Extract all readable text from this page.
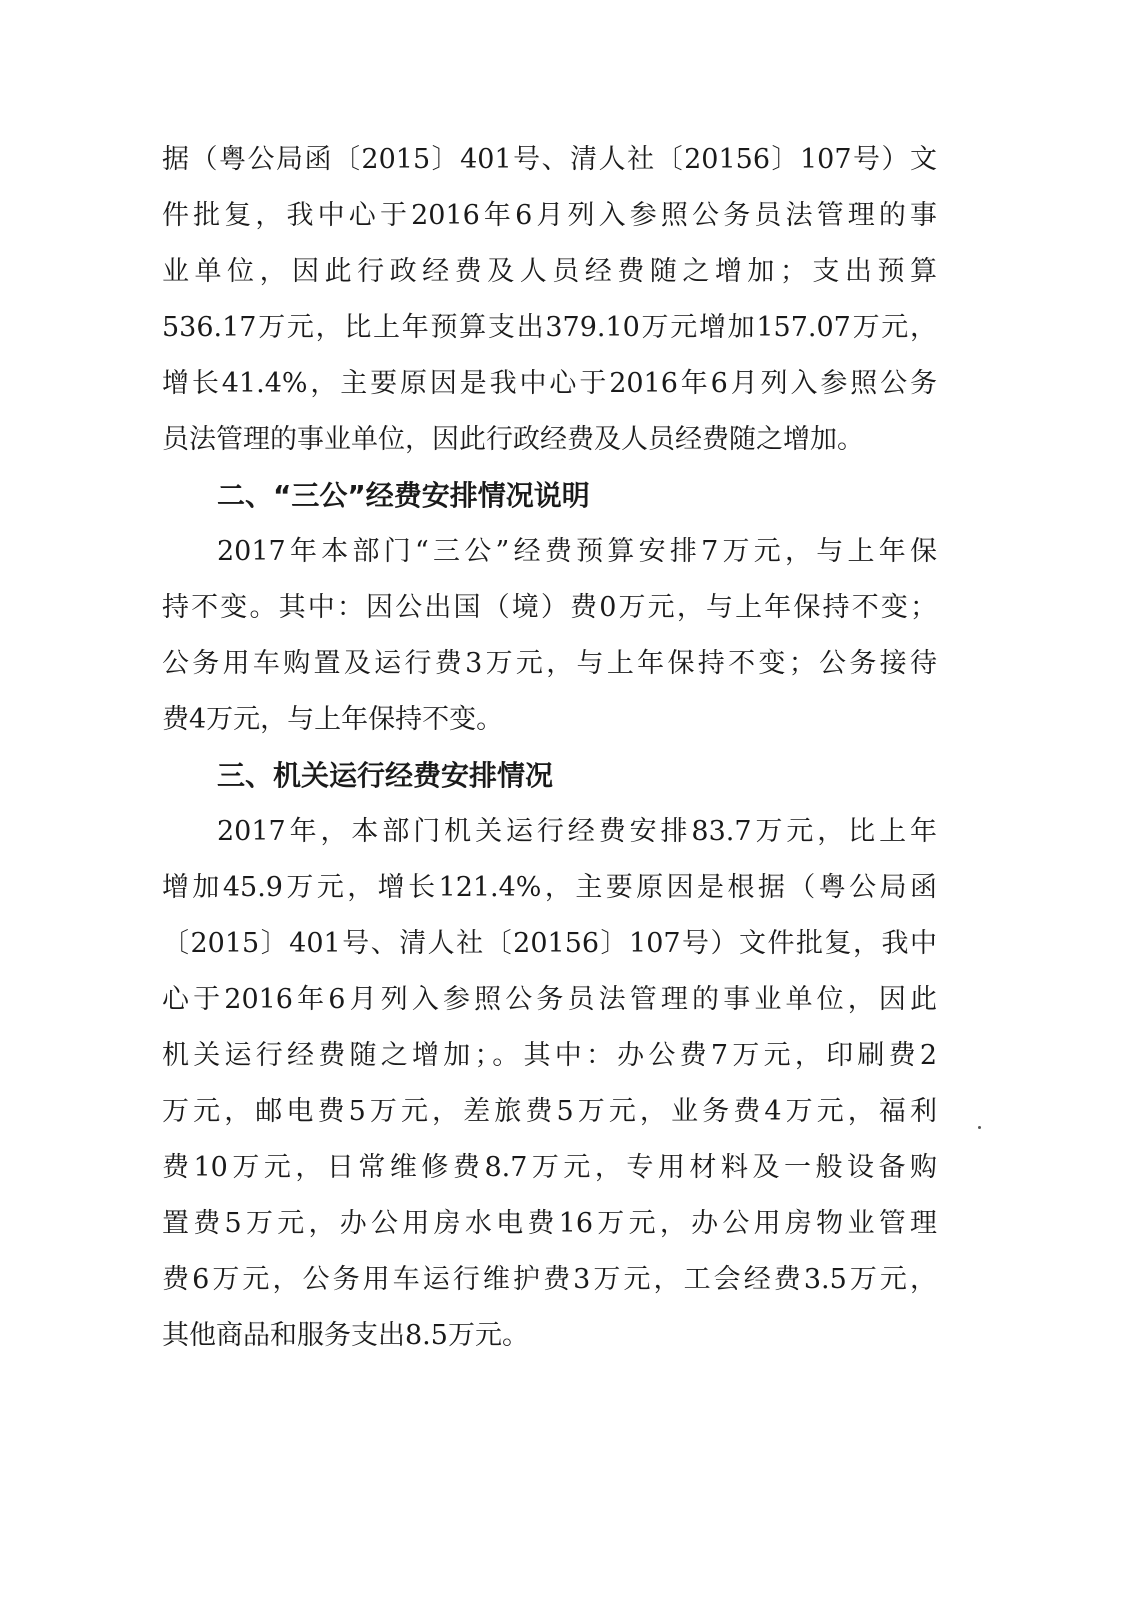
据（粤公局函〔2015〕401号、清人社〔20156〕107号）文
件批复，我中心于2016年6月列入参照公务员法管理的事
业单位，因此行政经费及人员经费随之增加；支出预算
536.17万元，比上年预算支出379.10万元增加157.07万元，
增长41.4%，主要原因是我中心于2016年6月列入参照公务
员法管理的事业单位，因此行政经费及人员经费随之增加。
二、“三公”经费安排情况说明
2017年本部门“三公”经费预算安排7万元，与上年保
持不变。其中：因公出国（境）费0万元，与上年保持不变；
公务用车购置及运行费3万元，与上年保持不变；公务接待
费4万元，与上年保持不变。
三、机关运行经费安排情况
2017年，本部门机关运行经费安排83.7万元，比上年
增加45.9万元，增长121.4%，主要原因是根据（粤公局函
〔2015〕401号、清人社〔20156〕107号）文件批复，我中
心于2016年6月列入参照公务员法管理的事业单位，因此
机关运行经费随之增加；。其中：办公费7万元，印刷费2
万元，邮电费5万元，差旅费5万元，业务费4万元，福利
费10万元，日常维修费8.7万元，专用材料及一般设备购
置费5万元，办公用房水电费16万元，办公用房物业管理
费6万元，公务用车运行维护费3万元，工会经费3.5万元，
其他商品和服务支出8.5万元。
